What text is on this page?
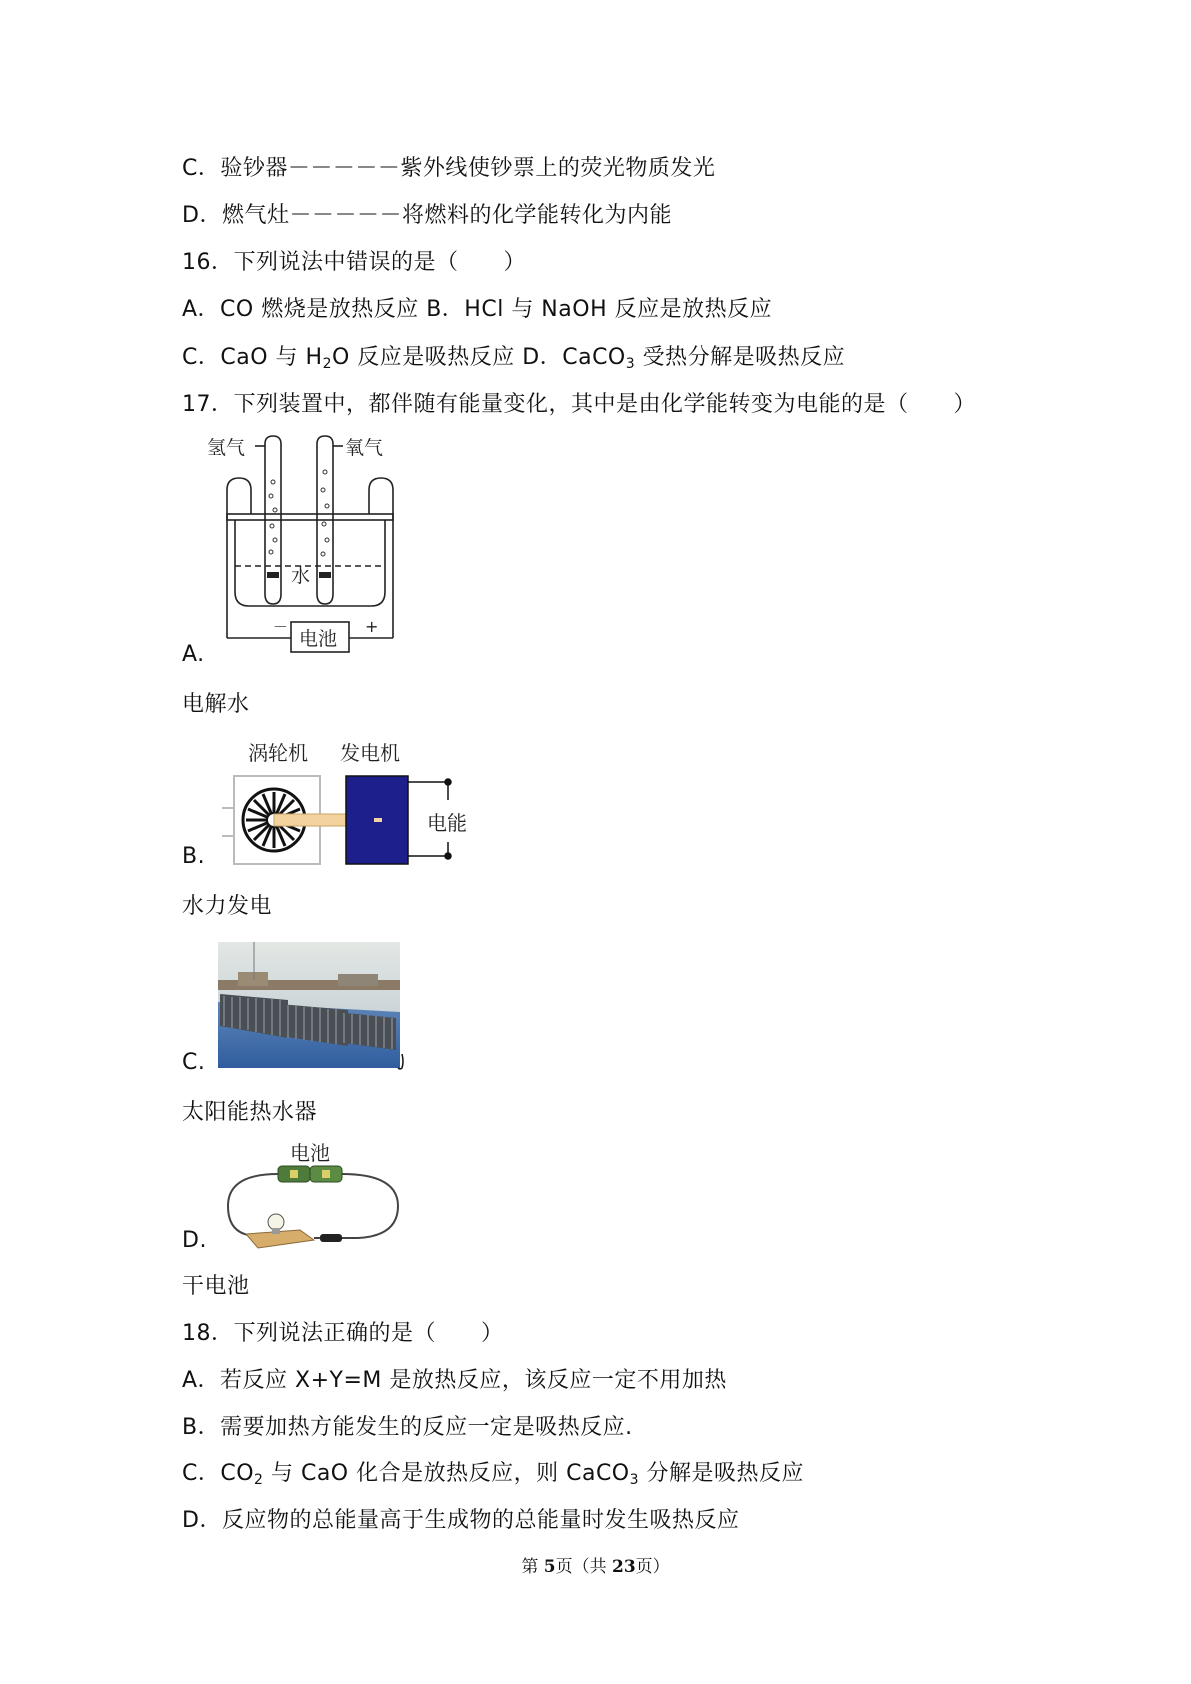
C．验钞器－－－－－紫外线使钞票上的荧光物质发光
D．燃气灶－－－－－将燃料的化学能转化为内能
16．下列说法中错误的是（　　）
A．CO 燃烧是放热反应 B．HCl 与 NaOH 反应是放热反应
C．CaO 与 $H_2O$ 反应是吸热反应 D．CaCO$_3$ 受热分解是吸热反应
17．下列装置中，都伴随有能量变化，其中是由化学能转变为电能的是（　　）
氢气	氧气
水
电池
－	+
A.
电解水
涡轮机 发电机
电能
B.
水力发电
C.
太阳能热水器
电池
D.
干电池
18．下列说法正确的是（　　）
A．若反应 X+Y=M 是放热反应，该反应一定不用加热
B．需要加热方能发生的反应一定是吸热反应.
C．$CO_2$ 与 CaO 化合是放热反应，则 CaCO$_3$ 分解是吸热反应
D．反应物的总能量高于生成物的总能量时发生吸热反应
第 5页（共 23页）
